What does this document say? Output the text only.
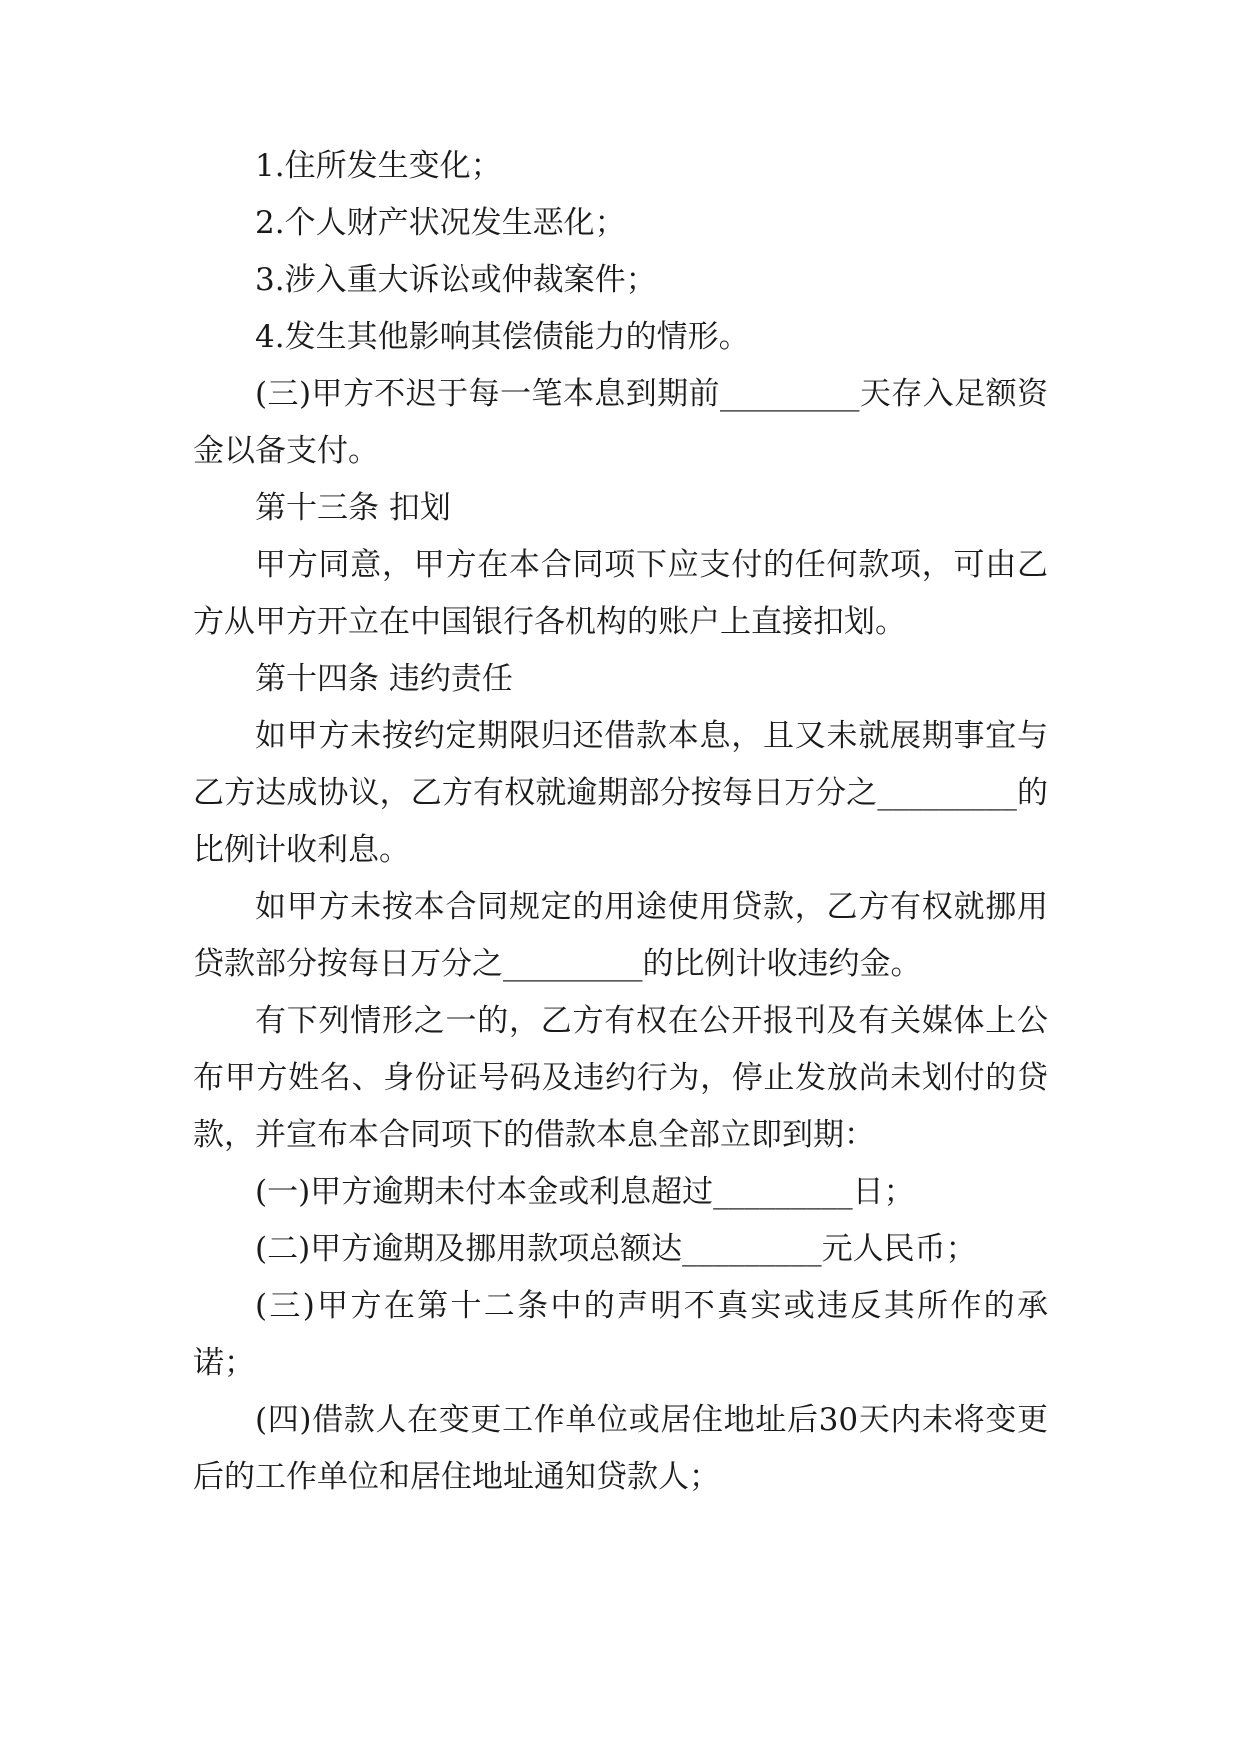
1.住所发生变化；

2.个人财产状况发生恶化；

3.涉入重大诉讼或仲裁案件；

4.发生其他影响其偿债能力的情形。

(三)甲方不迟于每一笔本息到期前_________天存入足额资金以备支付。

第十三条 扣划

甲方同意，甲方在本合同项下应支付的任何款项，可由乙方从甲方开立在中国银行各机构的账户上直接扣划。

第十四条 违约责任

如甲方未按约定期限归还借款本息，且又未就展期事宜与乙方达成协议，乙方有权就逾期部分按每日万分之_________的比例计收利息。

如甲方未按本合同规定的用途使用贷款，乙方有权就挪用贷款部分按每日万分之_________的比例计收违约金。

有下列情形之一的，乙方有权在公开报刊及有关媒体上公布甲方姓名、身份证号码及违约行为，停止发放尚未划付的贷款，并宣布本合同项下的借款本息全部立即到期：

(一)甲方逾期未付本金或利息超过_________日；

(二)甲方逾期及挪用款项总额达_________元人民币；

(三)甲方在第十二条中的声明不真实或违反其所作的承诺；

(四)借款人在变更工作单位或居住地址后30天内未将变更后的工作单位和居住地址通知贷款人；
